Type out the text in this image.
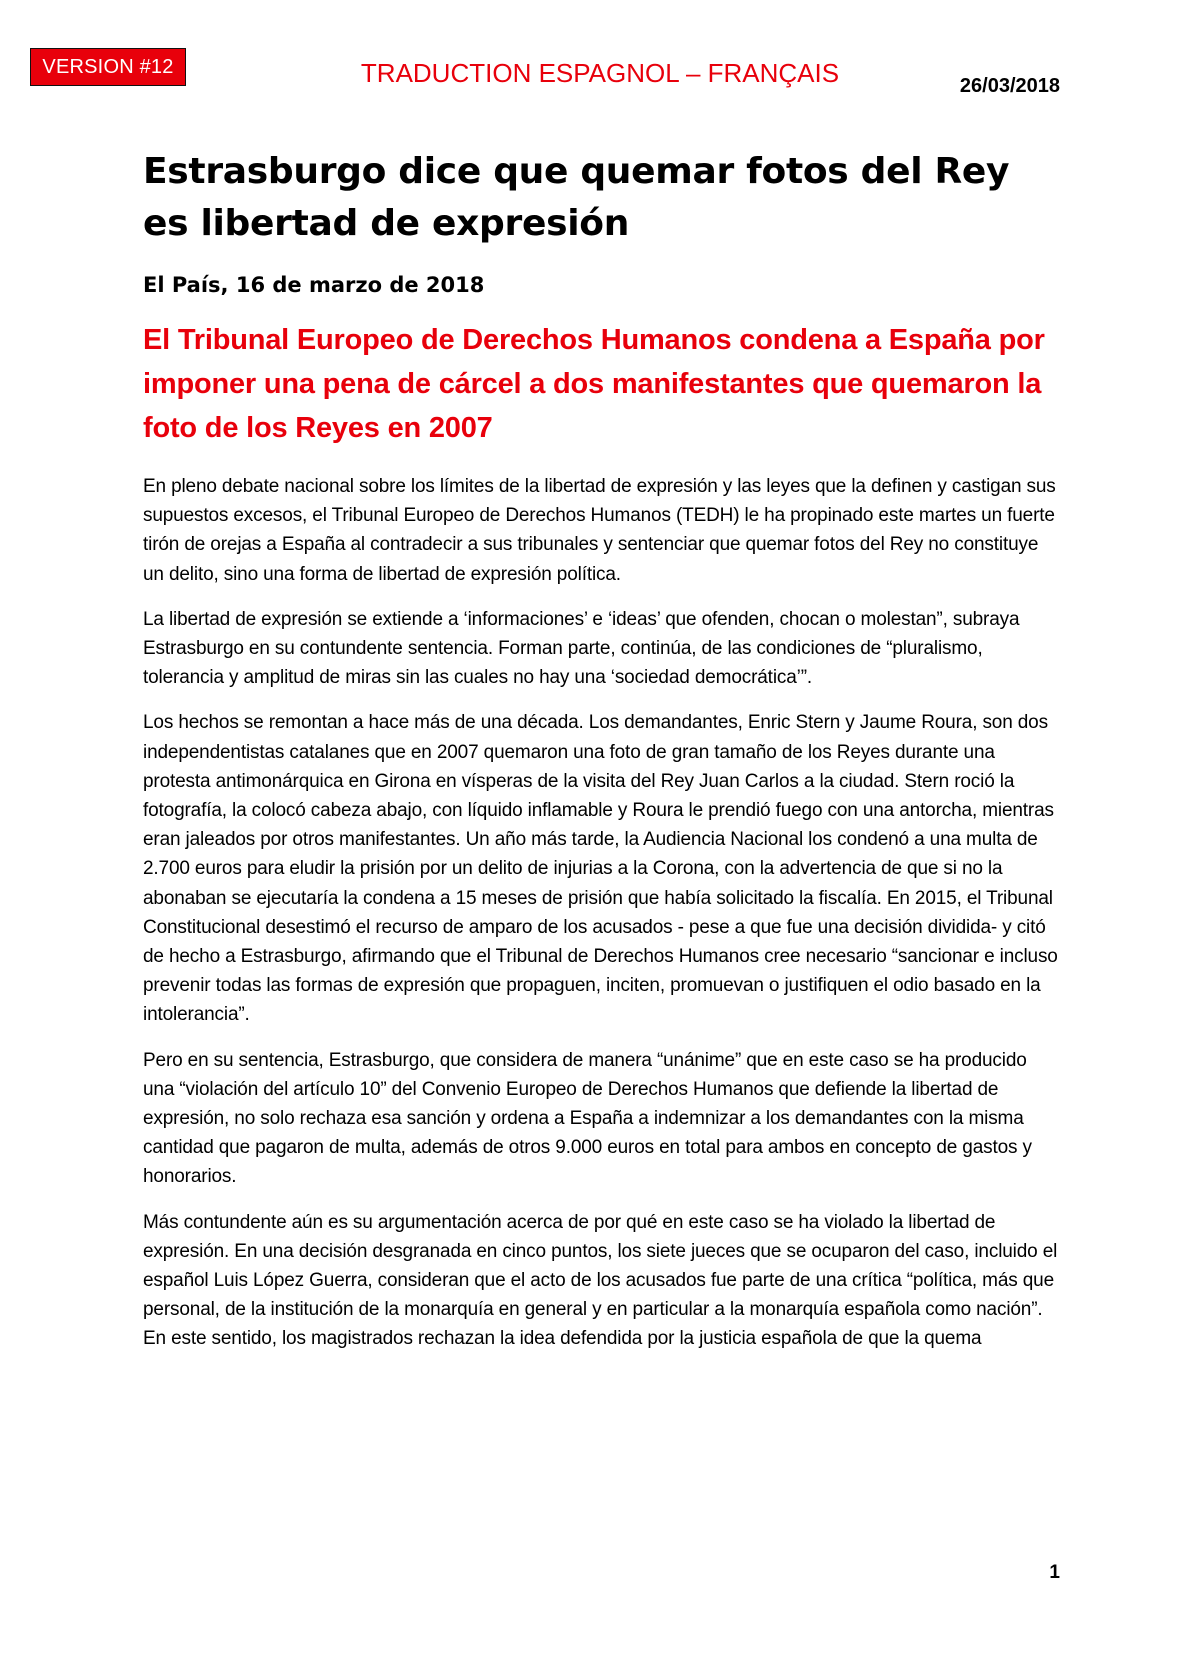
VERSION #12	TRADUCTION ESPAGNOL – FRANÇAIS	26/03/2018
Estrasburgo dice que quemar fotos del Rey es libertad de expresión

El País, 16 de marzo de 2018

El Tribunal Europeo de Derechos Humanos condena a España por imponer una pena de cárcel a dos manifestantes que quemaron la foto de los Reyes en 2007

En pleno debate nacional sobre los límites de la libertad de expresión y las leyes que la definen y castigan sus supuestos excesos, el Tribunal Europeo de Derechos Humanos (TEDH) le ha propinado este martes un fuerte tirón de orejas a España al contradecir a sus tribunales y sentenciar que quemar fotos del Rey no constituye un delito, sino una forma de libertad de expresión política.

La libertad de expresión se extiende a ‘informaciones’ e ‘ideas’ que ofenden, chocan o molestan”, subraya Estrasburgo en su contundente sentencia. Forman parte, continúa, de las condiciones de “pluralismo, tolerancia y amplitud de miras sin las cuales no hay una ‘sociedad democrática’”.

Los hechos se remontan a hace más de una década. Los demandantes, Enric Stern y Jaume Roura, son dos independentistas catalanes que en 2007 quemaron una foto de gran tamaño de los Reyes durante una protesta antimonárquica en Girona en vísperas de la visita del Rey Juan Carlos a la ciudad. Stern roció la fotografía, la colocó cabeza abajo, con líquido inflamable y Roura le prendió fuego con una antorcha, mientras eran jaleados por otros manifestantes. Un año más tarde, la Audiencia Nacional los condenó a una multa de 2.700 euros para eludir la prisión por un delito de injurias a la Corona, con la advertencia de que si no la abonaban se ejecutaría la condena a 15 meses de prisión que había solicitado la fiscalía. En 2015, el Tribunal Constitucional desestimó el recurso de amparo de los acusados - pese a que fue una decisión dividida- y citó de hecho a Estrasburgo, afirmando que el Tribunal de Derechos Humanos cree necesario “sancionar e incluso prevenir todas las formas de expresión que propaguen, inciten, promuevan o justifiquen el odio basado en la intolerancia”.

Pero en su sentencia, Estrasburgo, que considera de manera “unánime” que en este caso se ha producido una “violación del artículo 10” del Convenio Europeo de Derechos Humanos que defiende la libertad de expresión, no solo rechaza esa sanción y ordena a España a indemnizar a los demandantes con la misma cantidad que pagaron de multa, además de otros 9.000 euros en total para ambos en concepto de gastos y honorarios.

Más contundente aún es su argumentación acerca de por qué en este caso se ha violado la libertad de expresión. En una decisión desgranada en cinco puntos, los siete jueces que se ocuparon del caso, incluido el español Luis López Guerra, consideran que el acto de los acusados fue parte de una crítica “política, más que personal, de la institución de la monarquía en general y en particular a la monarquía española como nación”. En este sentido, los magistrados rechazan la idea defendida por la justicia española de que la quema

1
